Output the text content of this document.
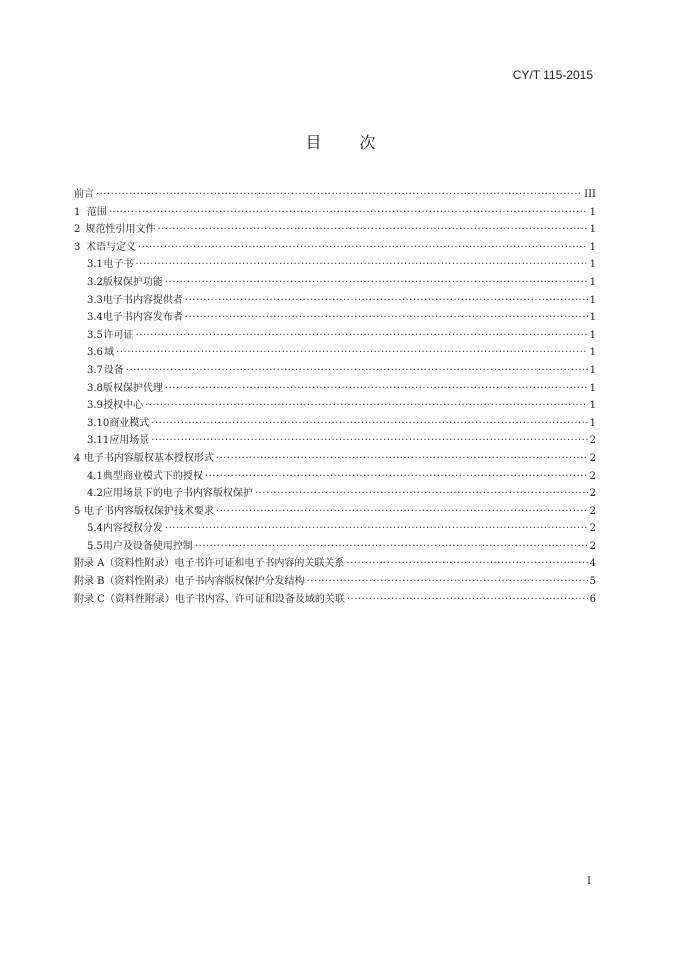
CY/T 115-2015
目 次
前言 ·····	III
1 范围 ·····	1
2 规范性引用文件 ·····	1
3 术语与定义 ·····	1
3.1 电子书 ·····	1
3.2 版权保护功能 ·····	1
3.3 电子书内容提供者 ·····	1
3.4 电子书内容发布者 ·····	1
3.5 许可证 ·····	1
3.6 域 ·····	1
3.7 设备 ·····	1
3.8 版权保护代理 ·····	1
3.9 授权中心 ·····	1
3.10 商业模式 ·····	1
3.11 应用场景 ·····	2
4 电子书内容版权基本授权形式 ·····	2
4.1 典型商业模式下的授权 ·····	2
4.2 应用场景下的电子书内容版权保护 ·····	2
5 电子书内容版权保护技术要求 ·····	2
5.4 内容授权分发 ·····	2
5.5 用户及设备使用控制 ·····	2
附录 A（资料性附录）电子书许可证和电子书内容的关联关系 ·····	4
附录 B（资料性附录）电子书内容版权保护分发结构 ·····	5
附录 C（资料性附录）电子书内容、许可证和设备及域的关联 ·····	6
I
